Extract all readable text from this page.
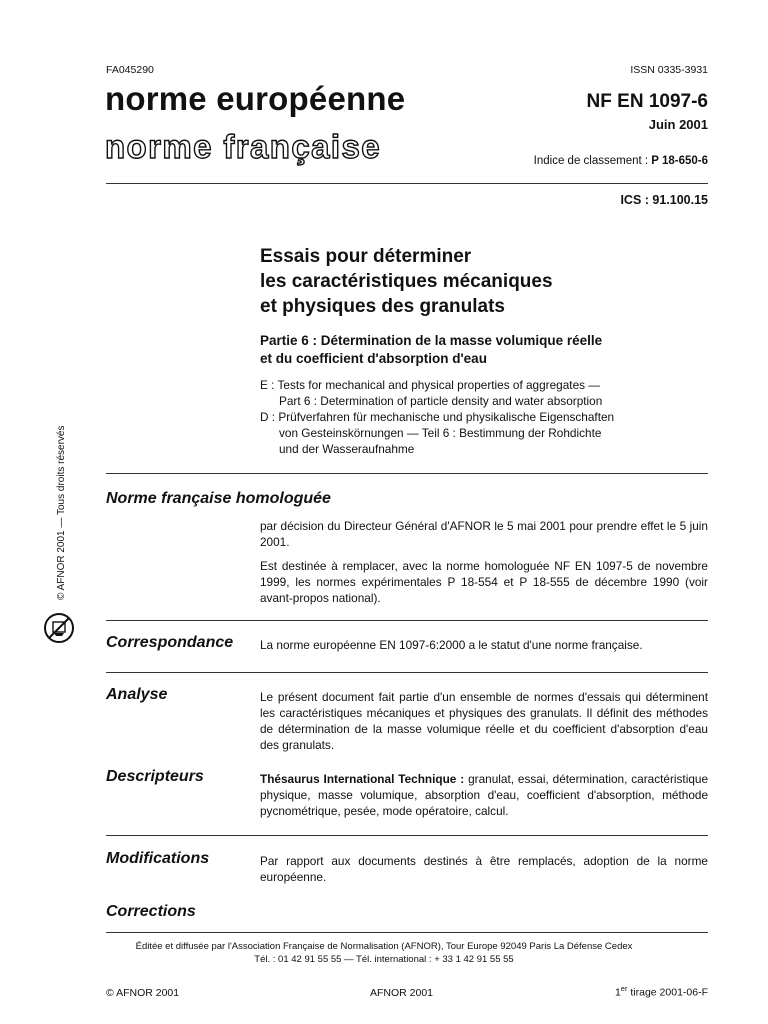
FA045290	ISSN 0335-3931
norme européenne
norme française
NF EN 1097-6
Juin 2001
Indice de classement : P 18-650-6
ICS : 91.100.15
© AFNOR 2001 — Tous droits réservés
Essais pour déterminer
les caractéristiques mécaniques
et physiques des granulats
Partie 6 : Détermination de la masse volumique réelle
et du coefficient d'absorption d'eau
E : Tests for mechanical and physical properties of aggregates —
Part 6 : Determination of particle density and water absorption
D : Prüfverfahren für mechanische und physikalische Eigenschaften
von Gesteinskörnungen — Teil 6 : Bestimmung der Rohdichte
und der Wasseraufnahme
Norme française homologuée
par décision du Directeur Général d'AFNOR le 5 mai 2001 pour prendre effet le 5 juin 2001.
Est destinée à remplacer, avec la norme homologuée NF EN 1097-5 de novembre 1999, les normes expérimentales P 18-554 et P 18-555 de décembre 1990 (voir avant-propos national).
Correspondance La norme européenne EN 1097-6:2000 a le statut d'une norme française.
Analyse	Le présent document fait partie d'un ensemble de normes d'essais qui déterminent les caractéristiques mécaniques et physiques des granulats. Il définit des méthodes de détermination de la masse volumique réelle et du coefficient d'absorption d'eau des granulats.
Descripteurs	Thésaurus International Technique : granulat, essai, détermination, caractéristique physique, masse volumique, absorption d'eau, coefficient d'absorption, méthode pycnométrique, pesée, mode opératoire, calcul.
Modifications	Par rapport aux documents destinés à être remplacés, adoption de la norme européenne.
Corrections
Éditée et diffusée par l'Association Française de Normalisation (AFNOR), Tour Europe 92049 Paris La Défense Cedex
Tél. : 01 42 91 55 55 — Tél. international : + 33 1 42 91 55 55
© AFNOR 2001	AFNOR 2001	1er tirage 2001-06-F
